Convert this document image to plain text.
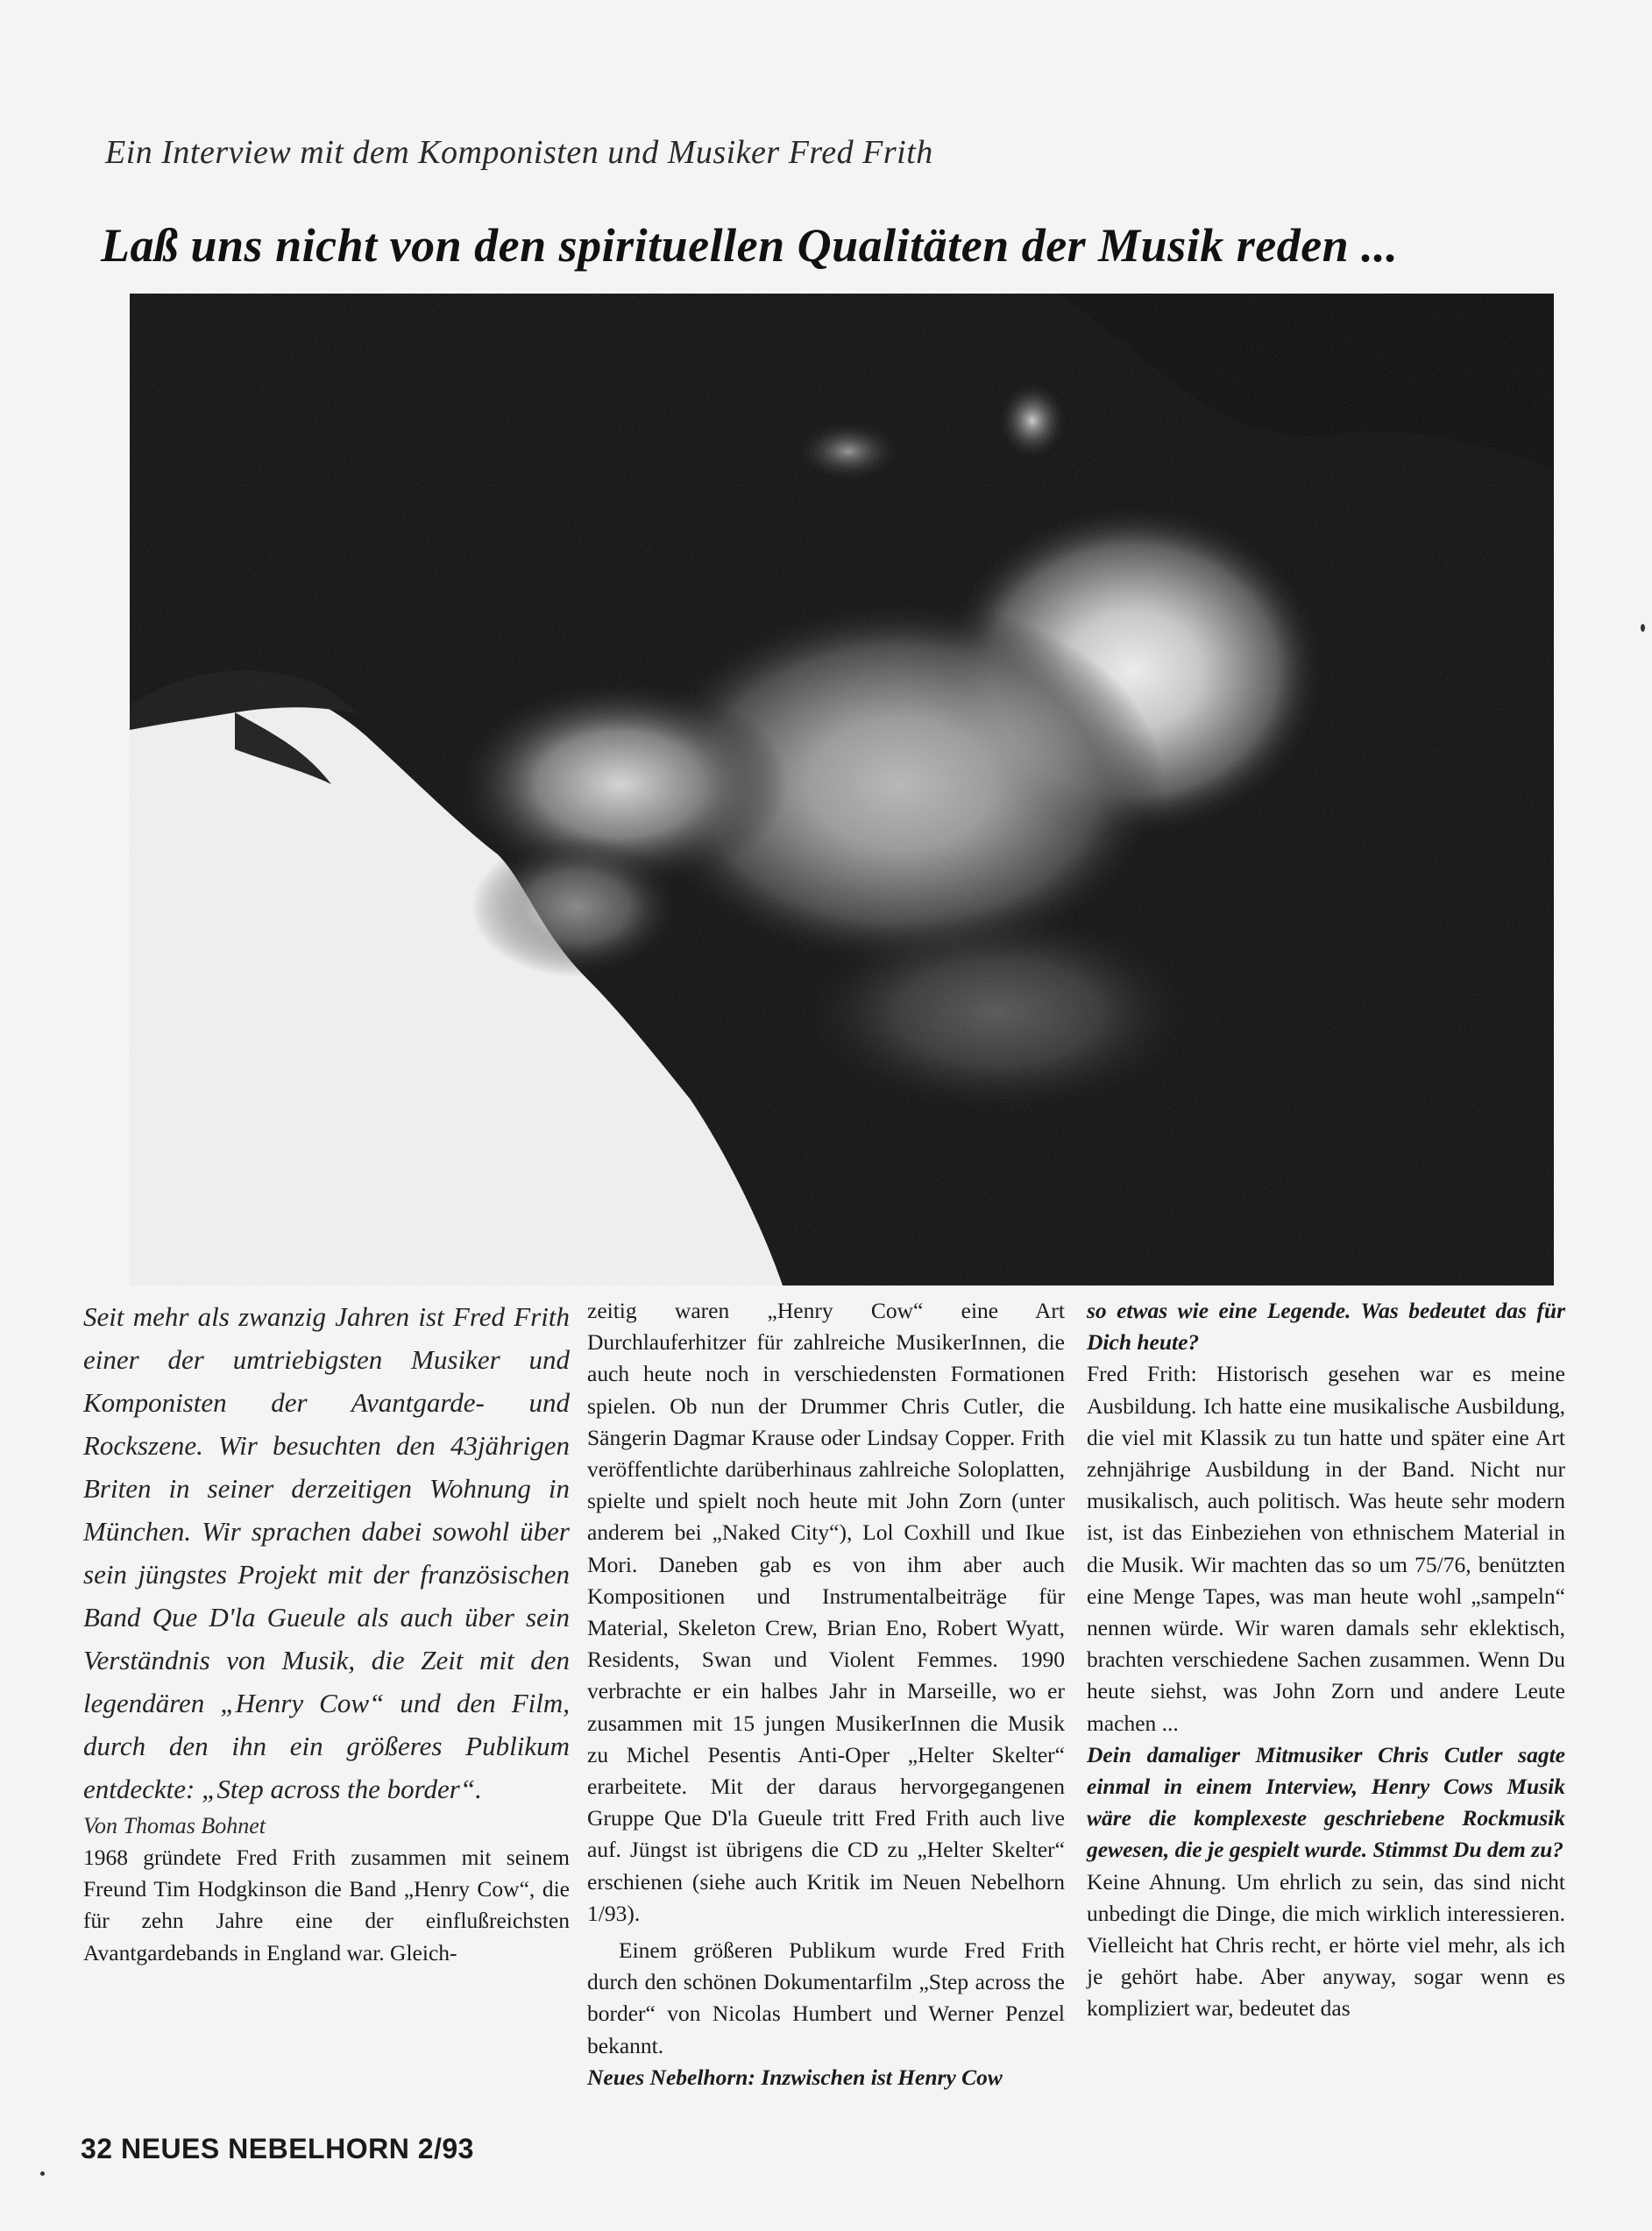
Ein Interview mit dem Komponisten und Musiker Fred Frith
Laß uns nicht von den spirituellen Qualitäten der Musik reden ...

Seit mehr als zwanzig Jahren ist Fred Frith einer der umtriebigsten Musiker und Komponisten der Avantgarde- und Rockszene. Wir besuchten den 43jährigen Briten in seiner derzeitigen Wohnung in München. Wir sprachen dabei sowohl über sein jüngstes Projekt mit der französischen Band Que D'la Gueule als auch über sein Verständnis von Musik, die Zeit mit den legendären „Henry Cow“ und den Film, durch den ihn ein größeres Publikum entdeckte: „Step across the border“.

Von Thomas Bohnet

1968 gründete Fred Frith zusammen mit seinem Freund Tim Hodgkinson die Band „Henry Cow“, die für zehn Jahre eine der einflußreichsten Avantgardebands in England war. Gleich-

zeitig waren „Henry Cow“ eine Art Durchlauferhitzer für zahlreiche MusikerInnen, die auch heute noch in verschiedensten Formationen spielen. Ob nun der Drummer Chris Cutler, die Sängerin Dagmar Krause oder Lindsay Copper. Frith veröffentlichte darüberhinaus zahlreiche Soloplatten, spielte und spielt noch heute mit John Zorn (unter anderem bei „Naked City“), Lol Coxhill und Ikue Mori. Daneben gab es von ihm aber auch Kompositionen und Instrumentalbeiträge für Material, Skeleton Crew, Brian Eno, Robert Wyatt, Residents, Swan und Violent Femmes. 1990 verbrachte er ein halbes Jahr in Marseille, wo er zusammen mit 15 jungen MusikerInnen die Musik zu Michel Pesentis Anti-Oper „Helter Skelter“ erarbeitete. Mit der daraus hervorgegangenen Gruppe Que D'la Gueule tritt Fred Frith auch live auf. Jüngst ist übrigens die CD zu „Helter Skelter“ erschienen (siehe auch Kritik im Neuen Nebelhorn 1/93).

Einem größeren Publikum wurde Fred Frith durch den schönen Dokumentarfilm „Step across the border“ von Nicolas Humbert und Werner Penzel bekannt.

Neues Nebelhorn: Inzwischen ist Henry Cow

so etwas wie eine Legende. Was bedeutet das für Dich heute?

Fred Frith: Historisch gesehen war es meine Ausbildung. Ich hatte eine musikalische Ausbildung, die viel mit Klassik zu tun hatte und später eine Art zehnjährige Ausbildung in der Band. Nicht nur musikalisch, auch politisch. Was heute sehr modern ist, ist das Einbeziehen von ethnischem Material in die Musik. Wir machten das so um 75/76, benützten eine Menge Tapes, was man heute wohl „sampeln“ nennen würde. Wir waren damals sehr eklektisch, brachten verschiedene Sachen zusammen. Wenn Du heute siehst, was John Zorn und andere Leute machen ...

Dein damaliger Mitmusiker Chris Cutler sagte einmal in einem Interview, Henry Cows Musik wäre die komplexeste geschriebene Rockmusik gewesen, die je gespielt wurde. Stimmst Du dem zu?

Keine Ahnung. Um ehrlich zu sein, das sind nicht unbedingt die Dinge, die mich wirklich interessieren. Vielleicht hat Chris recht, er hörte viel mehr, als ich je gehört habe. Aber anyway, sogar wenn es kompliziert war, bedeutet das

32 NEUES NEBELHORN 2/93
